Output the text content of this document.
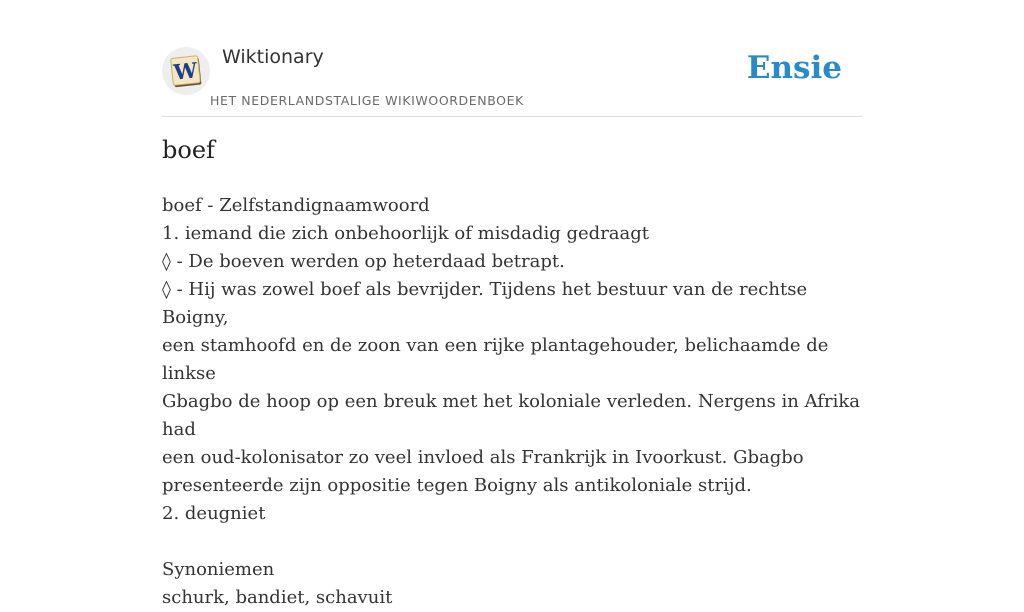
W
Wiktionary
HET NEDERLANDSTALIGE WIKIWOORDENBOEK
Ensie
boef
boef - Zelfstandignaamwoord
1. iemand die zich onbehoorlijk of misdadig gedraagt
◊ - De boeven werden op heterdaad betrapt.
◊ - Hij was zowel boef als bevrijder. Tijdens het bestuur van de rechtse Boigny,
een stamhoofd en de zoon van een rijke plantagehouder, belichaamde de linkse
Gbagbo de hoop op een breuk met het koloniale verleden. Nergens in Afrika had
een oud-kolonisator zo veel invloed als Frankrijk in Ivoorkust. Gbagbo
presenteerde zijn oppositie tegen Boigny als antikoloniale strijd.
2. deugniet
Synoniemen
schurk, bandiet, schavuit
